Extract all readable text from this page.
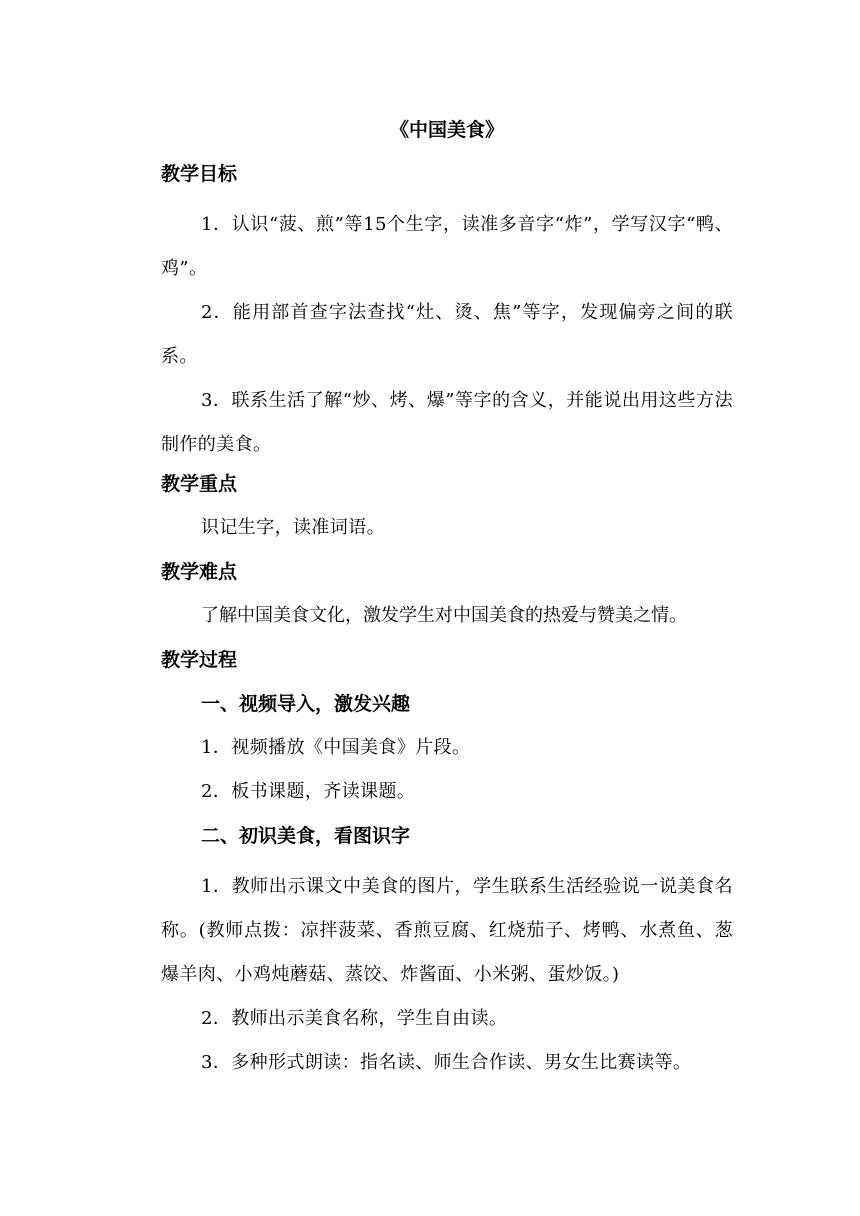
《中国美食》
教学目标

1．认识“菠、煎”等15个生字，读准多音字“炸”，学写汉字“鸭、鸡”。

2．能用部首查字法查找“灶、烫、焦”等字，发现偏旁之间的联系。

3．联系生活了解“炒、烤、爆”等字的含义，并能说出用这些方法制作的美食。

教学重点

识记生字，读准词语。

教学难点

了解中国美食文化，激发学生对中国美食的热爱与赞美之情。

教学过程
一、视频导入，激发兴趣

1．视频播放《中国美食》片段。

2．板书课题，齐读课题。

二、初识美食，看图识字

1．教师出示课文中美食的图片，学生联系生活经验说一说美食名称。(教师点拨：凉拌菠菜、香煎豆腐、红烧茄子、烤鸭、水煮鱼、葱爆羊肉、小鸡炖蘑菇、蒸饺、炸酱面、小米粥、蛋炒饭。)

2．教师出示美食名称，学生自由读。

3．多种形式朗读：指名读、师生合作读、男女生比赛读等。
